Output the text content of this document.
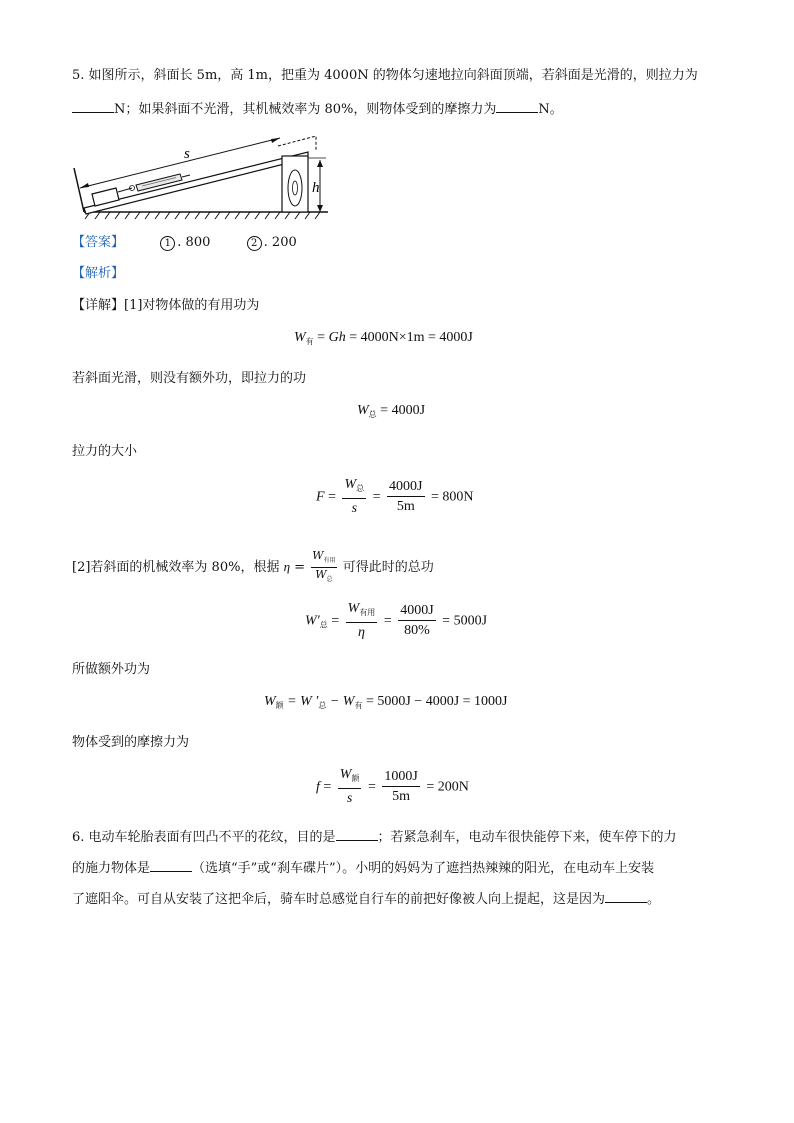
5. 如图所示，斜面长 5m，高 1m，把重为 4000N 的物体匀速地拉向斜面顶端，若斜面是光滑的，则拉力为
N；如果斜面不光滑，其机械效率为 80%，则物体受到的摩擦力为	N。
s
h
【答案】	1 . 800	2 . 200
【解析】
【详解】[1]对物体做的有用功为
$W_有 = Gh = 4000N\times 1m = 4000J$
若斜面光滑，则没有额外功，即拉力的功
$W_总 = 4000J$
拉力的大小
$F = \frac{W_总}{s} = \frac{4000J}{5m} = 800N$
[2]若斜面的机械效率为 80%，根据 $\eta = \frac{W_{有用}}{W_总}$ 可得此时的总功
$W'_总 = \frac{W_{有用}}{\eta} = \frac{4000J}{80\%} = 5000J$
所做额外功为
$W_额 = W$ $'_总 - W_有 = 5000J - 4000J = 1000J$
物体受到的摩擦力为
$f = \frac{W_额}{s} = \frac{1000J}{5m} = 200N$
6. 电动车轮胎表面有凹凸不平的花纹，目的是	；若紧急刹车，电动车很快能停下来，使车停下的力
的施力物体是	（选填“手”或“刹车碟片”）。小明的妈妈为了遮挡热辣辣的阳光，在电动车上安装
了遮阳伞。可自从安装了这把伞后，骑车时总感觉自行车的前把好像被人向上提起，这是因为	。
